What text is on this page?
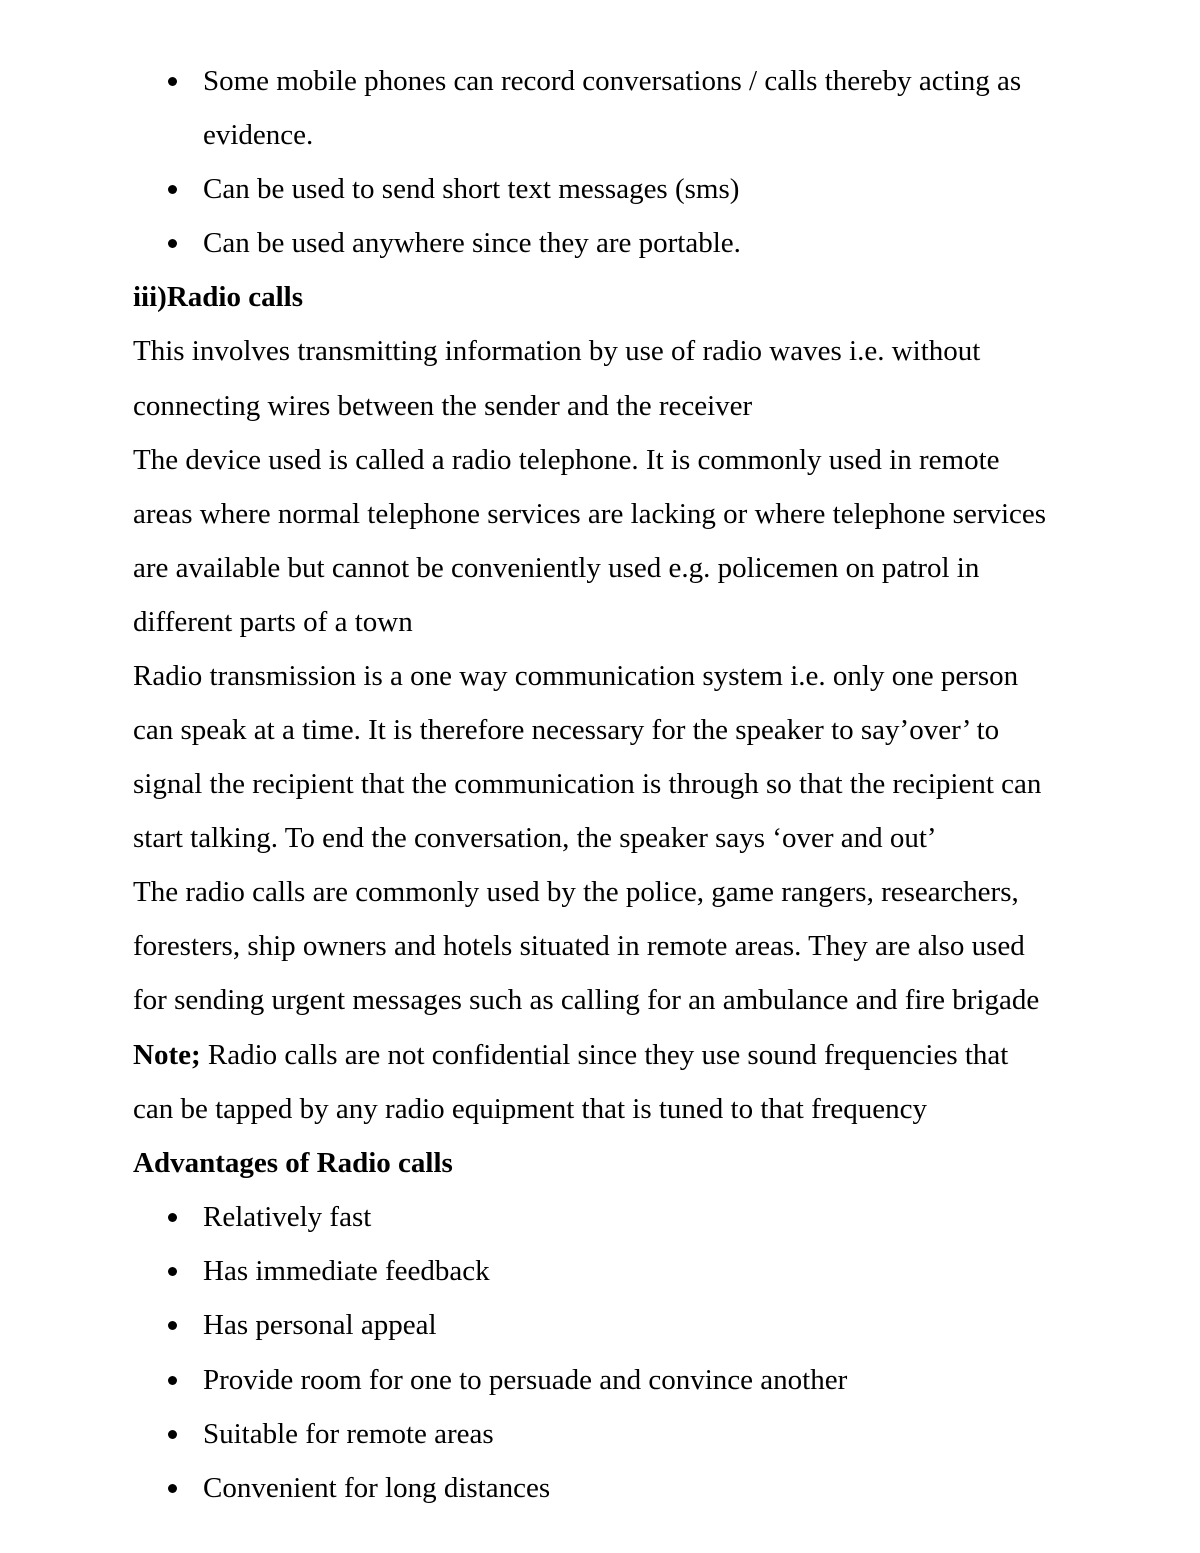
Some mobile phones can record conversations / calls thereby acting as
evidence.
Can be used to send short text messages (sms)
Can be used anywhere since they are portable.
iii)Radio calls
This involves transmitting information by use of radio waves i.e. without
connecting wires between the sender and the receiver
The device used is called a radio telephone. It is commonly used in remote
areas where normal telephone services are lacking or where telephone services
are available but cannot be conveniently used e.g. policemen on patrol in
different parts of a town
Radio transmission is a one way communication system i.e. only one person
can speak at a time. It is therefore necessary for the speaker to say’over’ to
signal the recipient that the communication is through so that the recipient can
start talking. To end the conversation, the speaker says ‘over and out’
The radio calls are commonly used by the police, game rangers, researchers,
foresters, ship owners and hotels situated in remote areas. They are also used
for sending urgent messages such as calling for an ambulance and fire brigade
Note; Radio calls are not confidential since they use sound frequencies that
can be tapped by any radio equipment that is tuned to that frequency
Advantages of Radio calls
Relatively fast
Has immediate feedback
Has personal appeal
Provide room for one to persuade and convince another
Suitable for remote areas
Convenient for long distances
